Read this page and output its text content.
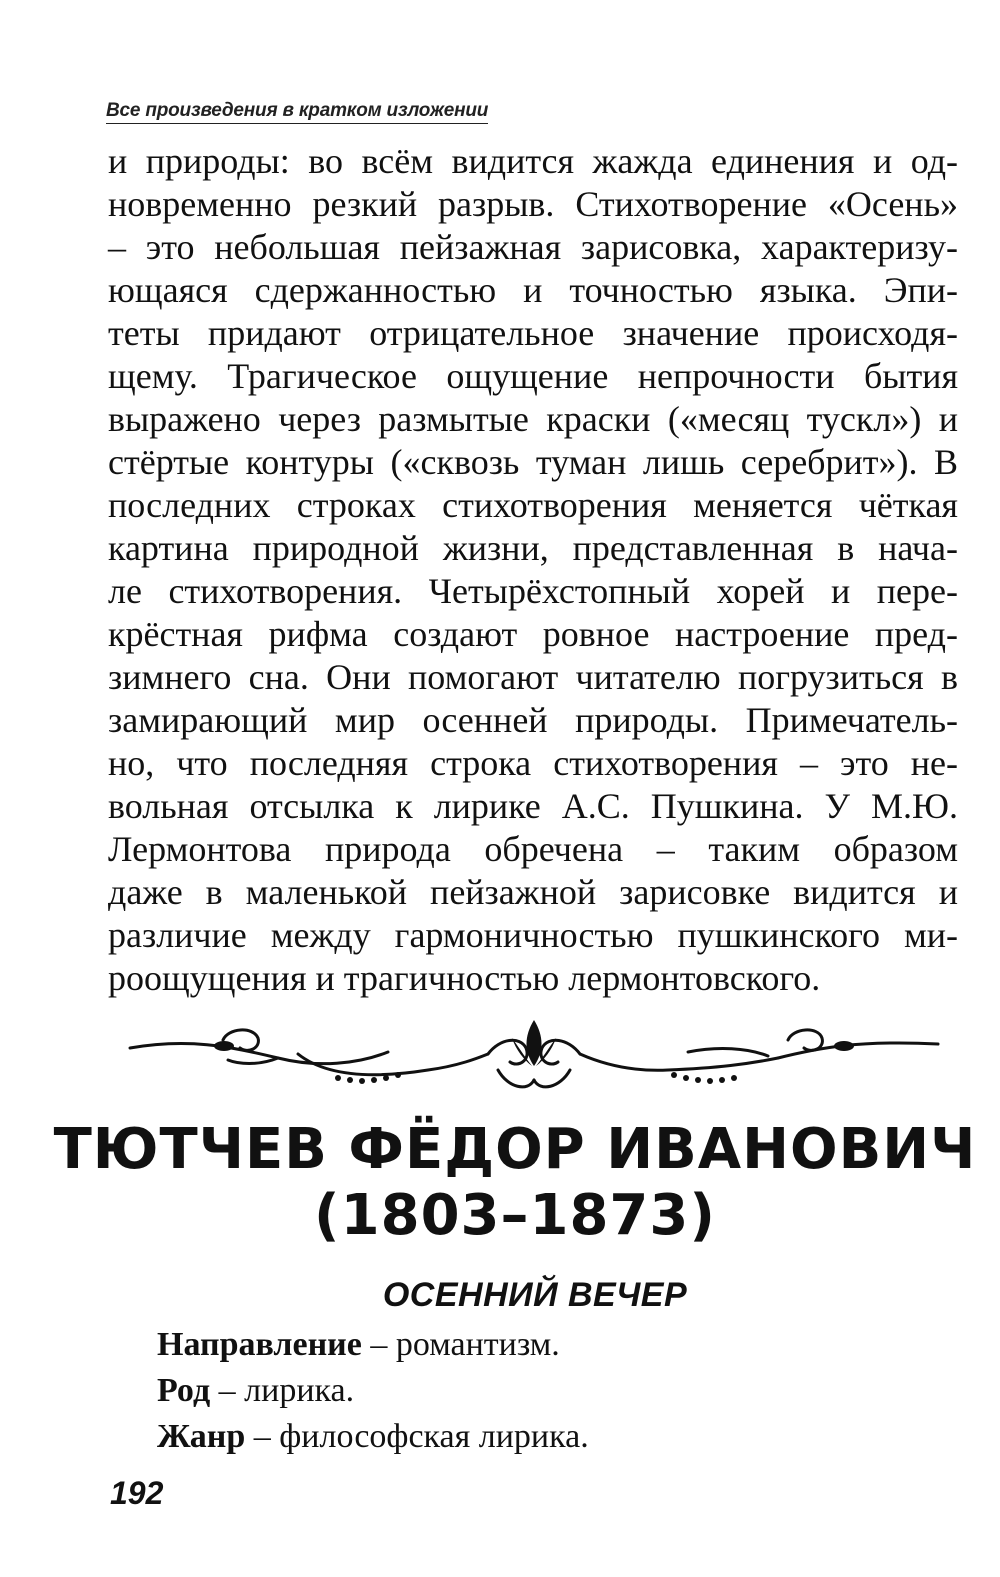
Все произведения в кратком изложении
и природы: во всём видится жажда единения и од-
новременно резкий разрыв. Стихотворение «Осень»
– это небольшая пейзажная зарисовка, характеризу-
ющаяся сдержанностью и точностью языка. Эпи-
теты придают отрицательное значение происходя-
щему. Трагическое ощущение непрочности бытия
выражено через размытые краски («месяц тускл») и
стёртые контуры («сквозь туман лишь серебрит»). В
последних строках стихотворения меняется чёткая
картина природной жизни, представленная в нача-
ле стихотворения. Четырёхстопный хорей и пере-
крёстная рифма создают ровное настроение пред-
зимнего сна. Они помогают читателю погрузиться в
замирающий мир осенней природы. Примечатель-
но, что последняя строка стихотворения – это не-
вольная отсылка к лирике А.С. Пушкина. У М.Ю.
Лермонтова природа обречена – таким образом
даже в маленькой пейзажной зарисовке видится и
различие между гармоничностью пушкинского ми-
роощущения и трагичностью лермонтовского.
ТЮТЧЕВ ФЁДОР ИВАНОВИЧ
(1803–1873)
ОСЕННИЙ ВЕЧЕР
Направление – романтизм.
Род – лирика.
Жанр – философская лирика.
192
